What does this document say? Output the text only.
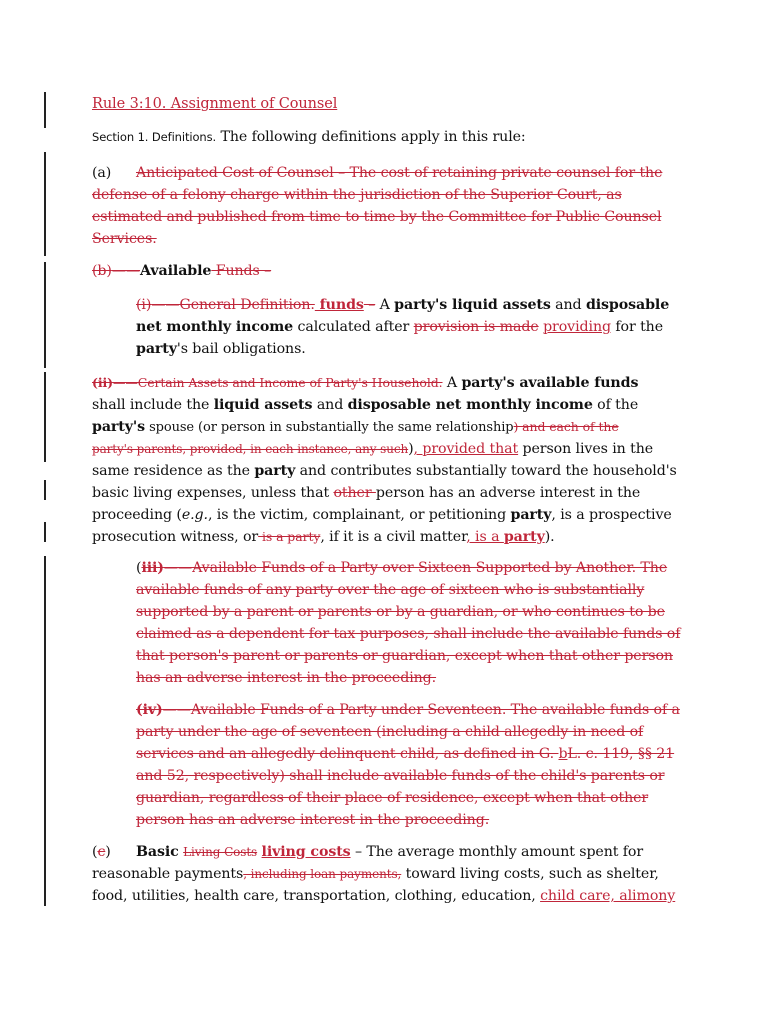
Rule 3:10. Assignment of Counsel
Section 1. Definitions. The following definitions apply in this rule:
(a) Anticipated Cost of Counsel – The cost of retaining private counsel for the
defense of a felony charge within the jurisdiction of the Superior Court, as
estimated and published from time to time by the Committee for Public Counsel
Services.
(b)——Available Funds –
(i)——General Definition. funds – A party's liquid assets and disposable
net monthly income calculated after provision is made providing for the
party's bail obligations.
(ii)——Certain Assets and Income of Party's Household. A party's available funds
shall include the liquid assets and disposable net monthly income of the
party's spouse (or person in substantially the same relationship) and each of the
party's parents, provided, in each instance, any such), provided that person lives in the
same residence as the party and contributes substantially toward the household's
basic living expenses, unless that other person has an adverse interest in the
proceeding (e.g., is the victim, complainant, or petitioning party, is a prospective
prosecution witness, or is a party, if it is a civil matter, is a party).
(iii)——Available Funds of a Party over Sixteen Supported by Another. The
available funds of any party over the age of sixteen who is substantially
supported by a parent or parents or by a guardian, or who continues to be
claimed as a dependent for tax purposes, shall include the available funds of
that person's parent or parents or guardian, except when that other person
has an adverse interest in the proceeding.
(iv)——Available Funds of a Party under Seventeen. The available funds of a
party under the age of seventeen (including a child allegedly in need of
services and an allegedly delinquent child, as defined in G. bL. c. 119, §§ 21
and 52, respectively) shall include available funds of the child's parents or
guardian, regardless of their place of residence, except when that other
person has an adverse interest in the proceeding.
(c) Basic Living Costs living costs – The average monthly amount spent for
reasonable payments, including loan payments, toward living costs, such as shelter,
food, utilities, health care, transportation, clothing, education, child care, alimony
